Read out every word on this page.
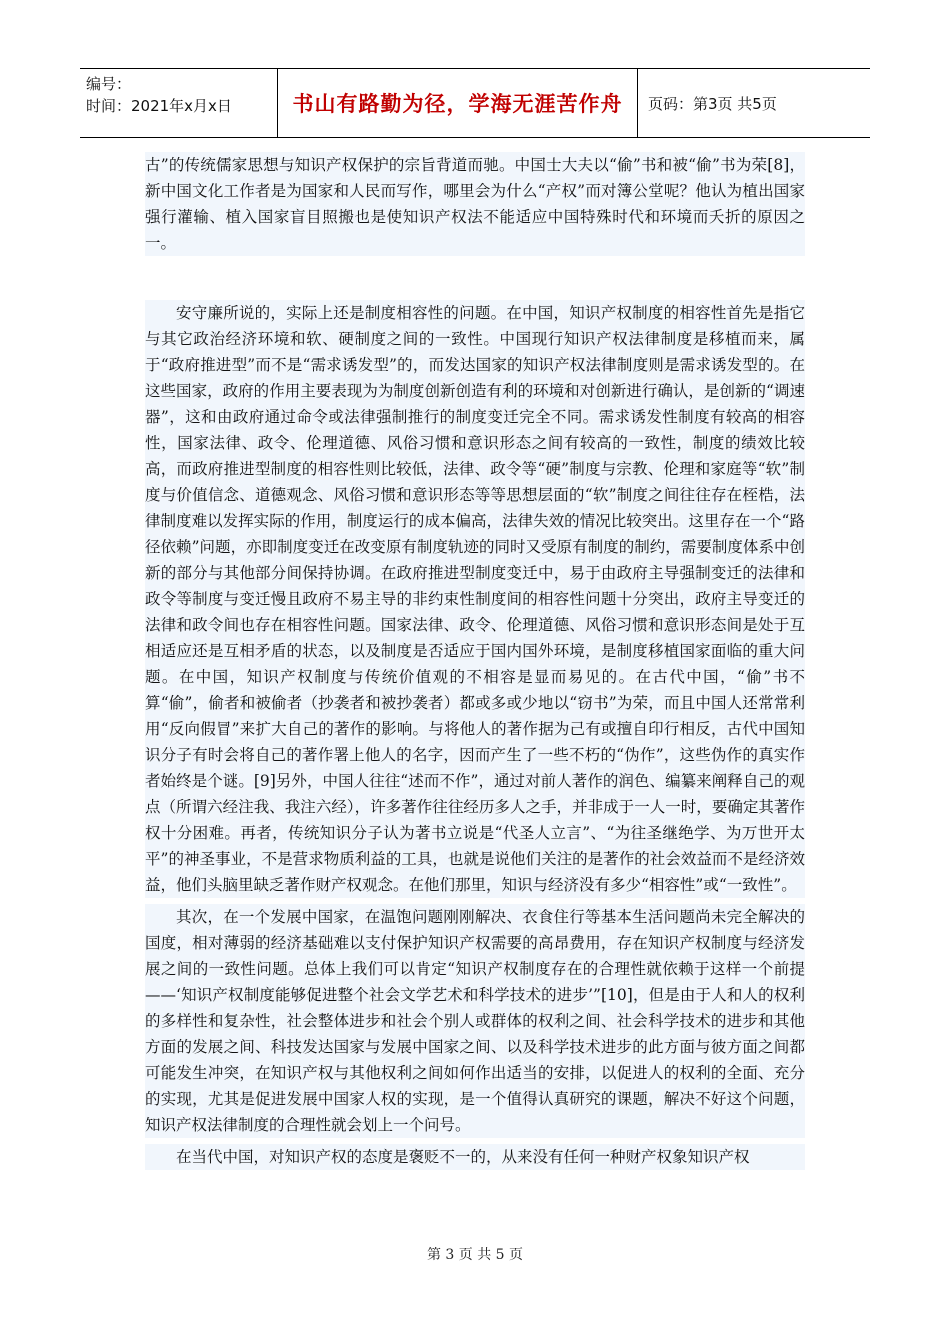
编号：
时间：2021年x月x日	书山有路勤为径，学海无涯苦作舟	页码：第3页 共5页

古”的传统儒家思想与知识产权保护的宗旨背道而驰。中国士大夫以“偷”书和被“偷”书为荣[8]，新中国文化工作者是为国家和人民而写作，哪里会为什么“产权”而对簿公堂呢？他认为植出国家强行灌输、植入国家盲目照搬也是使知识产权法不能适应中国特殊时代和环境而夭折的原因之一。

安守廉所说的，实际上还是制度相容性的问题。在中国，知识产权制度的相容性首先是指它与其它政治经济环境和软、硬制度之间的一致性。中国现行知识产权法律制度是移植而来，属于“政府推进型”而不是“需求诱发型”的，而发达国家的知识产权法律制度则是需求诱发型的。在这些国家，政府的作用主要表现为为制度创新创造有利的环境和对创新进行确认，是创新的“调速器”，这和由政府通过命令或法律强制推行的制度变迁完全不同。需求诱发性制度有较高的相容性，国家法律、政令、伦理道德、风俗习惯和意识形态之间有较高的一致性，制度的绩效比较高，而政府推进型制度的相容性则比较低，法律、政令等“硬”制度与宗教、伦理和家庭等“软”制度与价值信念、道德观念、风俗习惯和意识形态等等思想层面的“软”制度之间往往存在桎梏，法律制度难以发挥实际的作用，制度运行的成本偏高，法律失效的情况比较突出。这里存在一个“路径依赖”问题，亦即制度变迁在改变原有制度轨迹的同时又受原有制度的制约，需要制度体系中创新的部分与其他部分间保持协调。在政府推进型制度变迁中，易于由政府主导强制变迁的法律和政令等制度与变迁慢且政府不易主导的非约束性制度间的相容性问题十分突出，政府主导变迁的法律和政令间也存在相容性问题。国家法律、政令、伦理道德、风俗习惯和意识形态间是处于互相适应还是互相矛盾的状态，以及制度是否适应于国内国外环境，是制度移植国家面临的重大问题。在中国，知识产权制度与传统价值观的不相容是显而易见的。在古代中国，“偷”书不算“偷”，偷者和被偷者（抄袭者和被抄袭者）都或多或少地以“窃书”为荣，而且中国人还常常利用“反向假冒”来扩大自己的著作的影响。与将他人的著作据为己有或擅自印行相反，古代中国知识分子有时会将自己的著作署上他人的名字，因而产生了一些不朽的“伪作”，这些伪作的真实作者始终是个谜。[9]另外，中国人往往“述而不作”，通过对前人著作的润色、编纂来阐释自己的观点（所谓六经注我、我注六经），许多著作往往经历多人之手，并非成于一人一时，要确定其著作权十分困难。再者，传统知识分子认为著书立说是“代圣人立言”、“为往圣继绝学、为万世开太平”的神圣事业，不是营求物质利益的工具，也就是说他们关注的是著作的社会效益而不是经济效益，他们头脑里缺乏著作财产权观念。在他们那里，知识与经济没有多少“相容性”或“一致性”。

其次，在一个发展中国家，在温饱问题刚刚解决、衣食住行等基本生活问题尚未完全解决的国度，相对薄弱的经济基础难以支付保护知识产权需要的高昂费用，存在知识产权制度与经济发展之间的一致性问题。总体上我们可以肯定“知识产权制度存在的合理性就依赖于这样一个前提——‘知识产权制度能够促进整个社会文学艺术和科学技术的进步’”[10]，但是由于人和人的权利的多样性和复杂性，社会整体进步和社会个别人或群体的权利之间、社会科学技术的进步和其他方面的发展之间、科技发达国家与发展中国家之间、以及科学技术进步的此方面与彼方面之间都可能发生冲突，在知识产权与其他权利之间如何作出适当的安排，以促进人的权利的全面、充分的实现，尤其是促进发展中国家人权的实现，是一个值得认真研究的课题，解决不好这个问题，知识产权法律制度的合理性就会划上一个问号。

在当代中国，对知识产权的态度是褒贬不一的，从来没有任何一种财产权象知识产权

第 3 页 共 5 页
